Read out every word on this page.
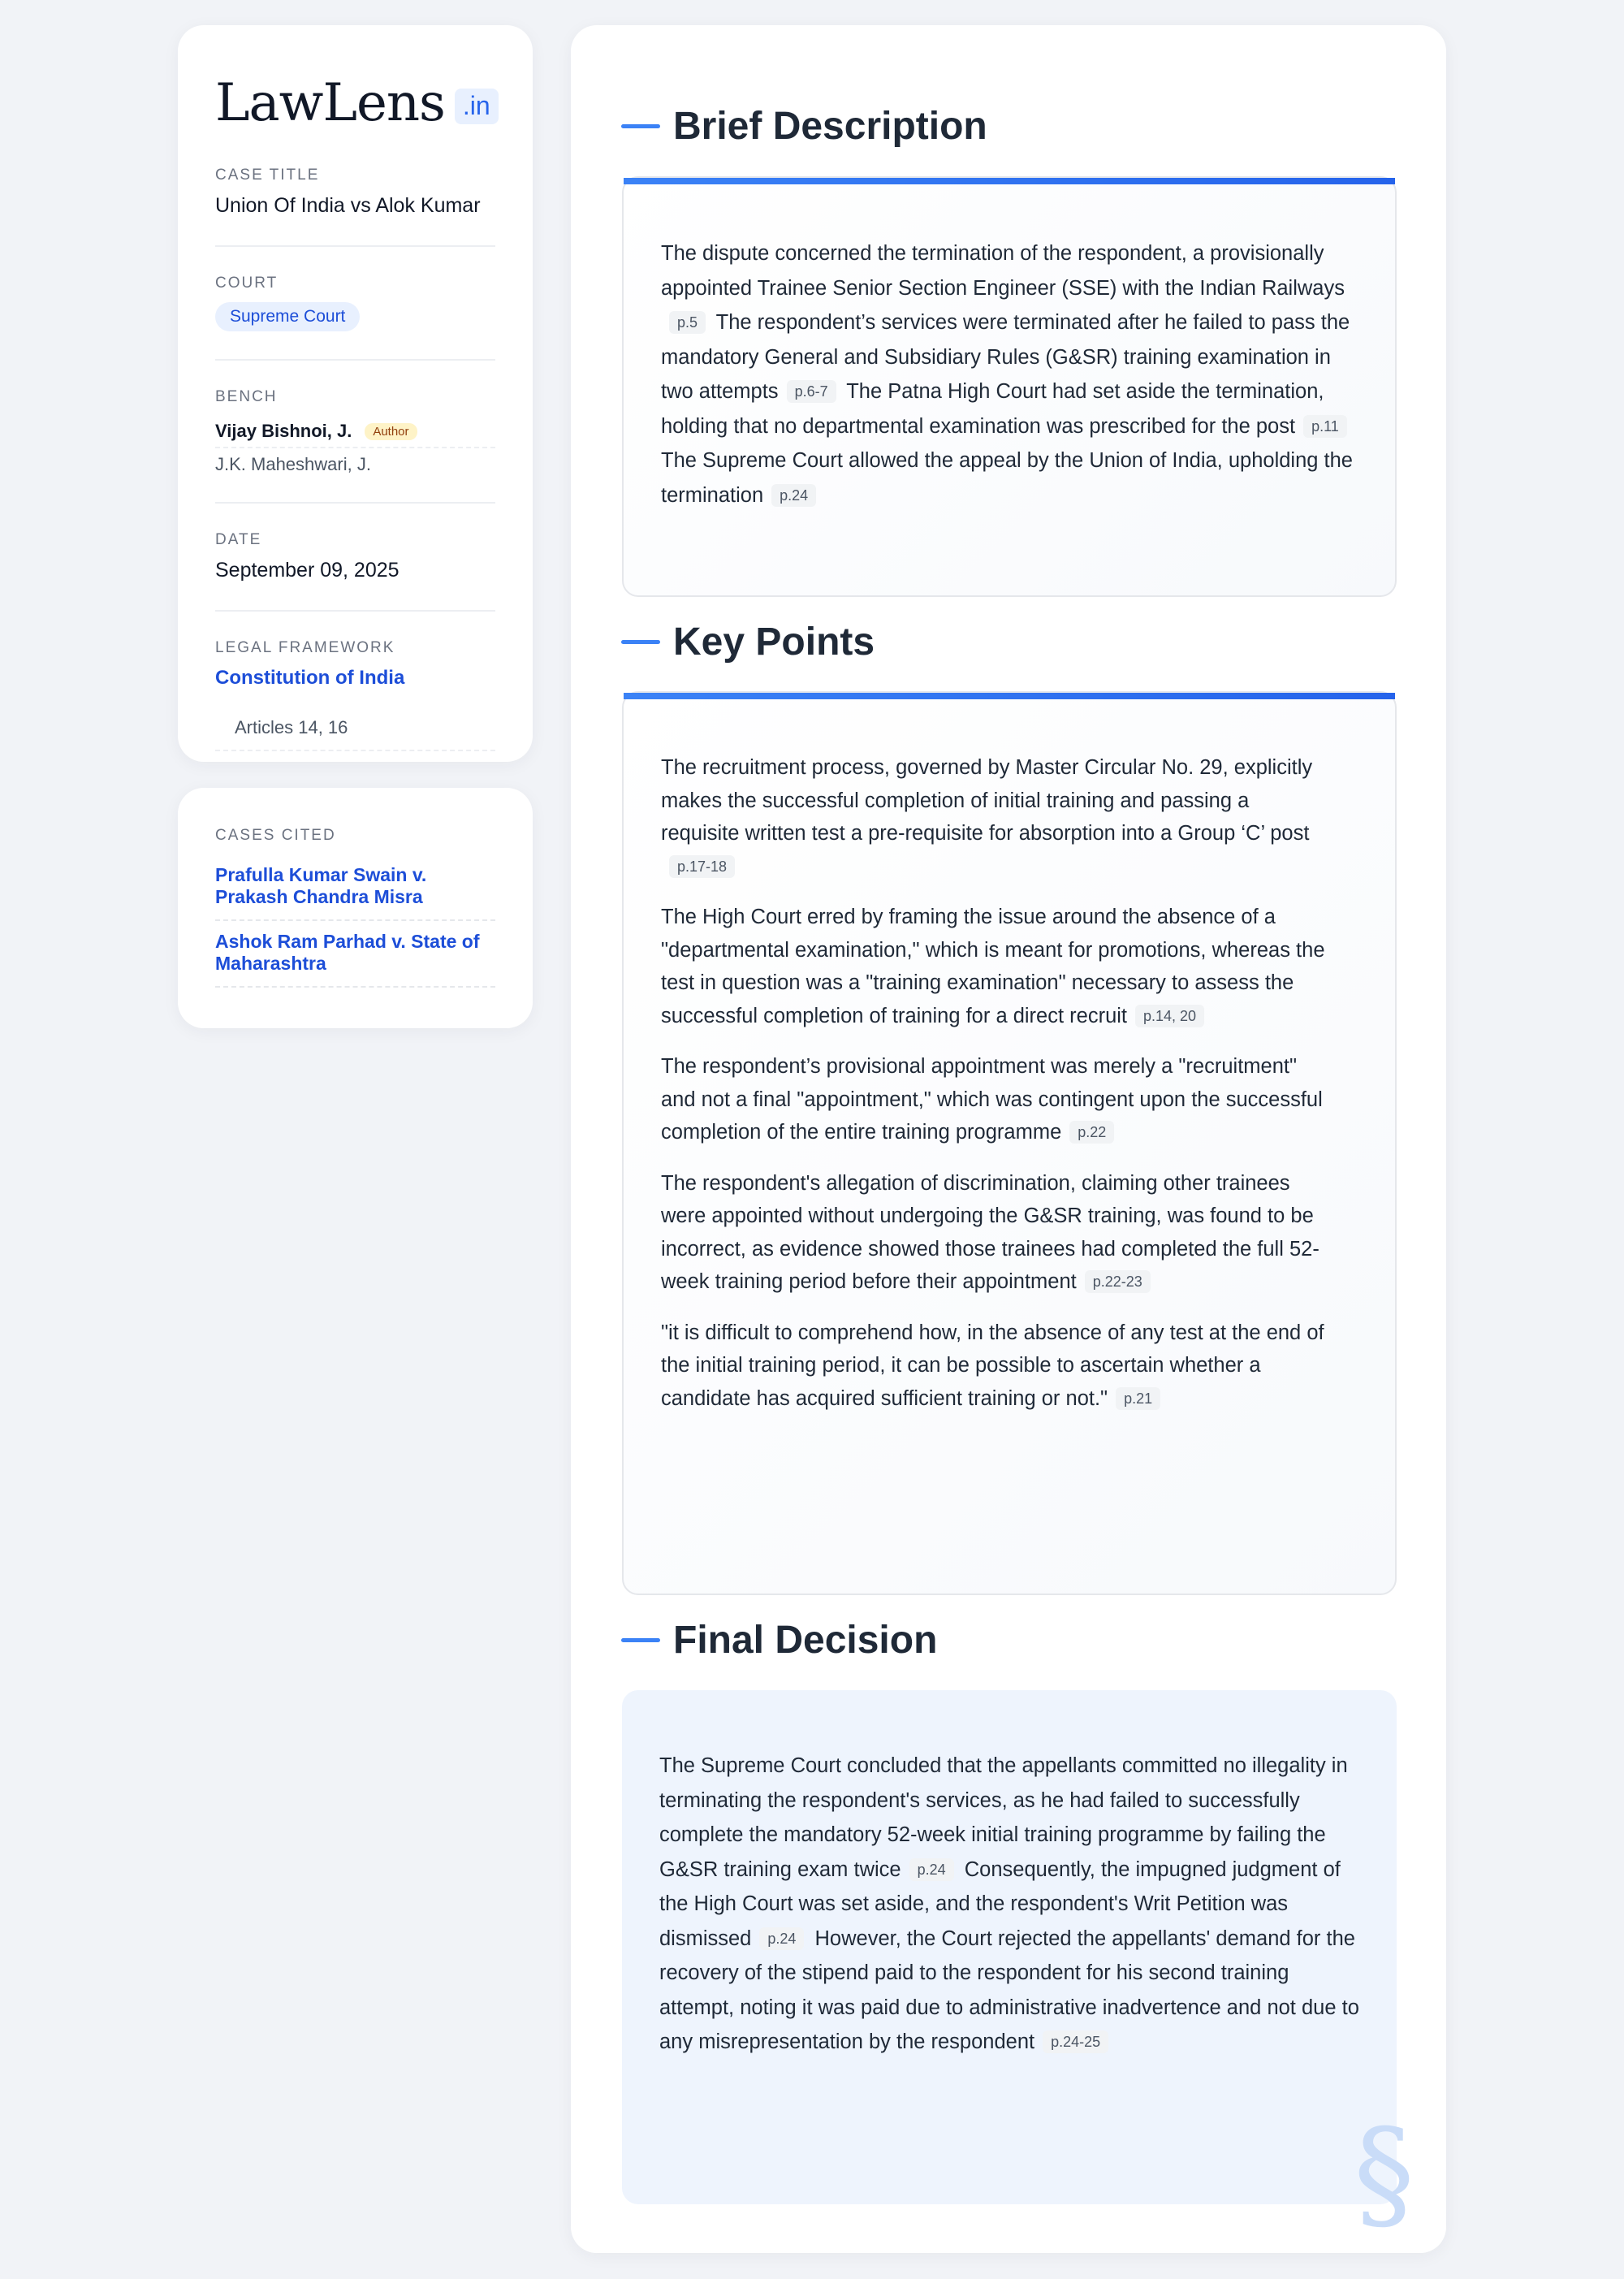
LawLens .in
CASE TITLE
Union Of India vs Alok Kumar
COURT
Supreme Court
BENCH
Vijay Bishnoi, J.	Author
J.K. Maheshwari, J.
DATE
September 09, 2025
LEGAL FRAMEWORK
Constitution of India
Articles 14, 16
CASES CITED
Prafulla Kumar Swain v. Prakash Chandra Misra
Ashok Ram Parhad v. State of Maharashtra
Brief Description

The dispute concerned the termination of the respondent, a provisionally appointed Trainee Senior Section Engineer (SSE) with the Indian Railwaysp.5 The respondent’s services were terminated after he failed to pass the mandatory General and Subsidiary Rules (G&SR) training examination in two attempts p.6-7 The Patna High Court had set aside the termination, holding that no departmental examination was prescribed for the post p.11 The Supreme Court allowed the appeal by the Union of India, upholding the termination p.24

Key Points

The recruitment process, governed by Master Circular No. 29, explicitly makes the successful completion of initial training and passing a requisite written test a pre-requisite for absorption into a Group ‘C’ postp.17-18

The High Court erred by framing the issue around the absence of a "departmental examination," which is meant for promotions, whereas the test in question was a "training examination" necessary to assess the successful completion of training for a direct recruit p.14, 20

The respondent’s provisional appointment was merely a "recruitment" and not a final "appointment," which was contingent upon the successful completion of the entire training programme p.22

The respondent's allegation of discrimination, claiming other trainees were appointed without undergoing the G&SR training, was found to be incorrect, as evidence showed those trainees had completed the full 52-week training period before their appointment p.22-23

"it is difficult to comprehend how, in the absence of any test at the end of the initial training period, it can be possible to ascertain whether a candidate has acquired sufficient training or not." p.21

Final Decision

The Supreme Court concluded that the appellants committed no illegality in terminating the respondent's services, as he had failed to successfully complete the mandatory 52-week initial training programme by failing the G&SR training exam twice p.24 Consequently, the impugned judgment of the High Court was set aside, and the respondent's Writ Petition was dismissed p.24 However, the Court rejected the appellants' demand for the recovery of the stipend paid to the respondent for his second training attempt, noting it was paid due to administrative inadvertence and not due to any misrepresentation by the respondent p.24-25

§
